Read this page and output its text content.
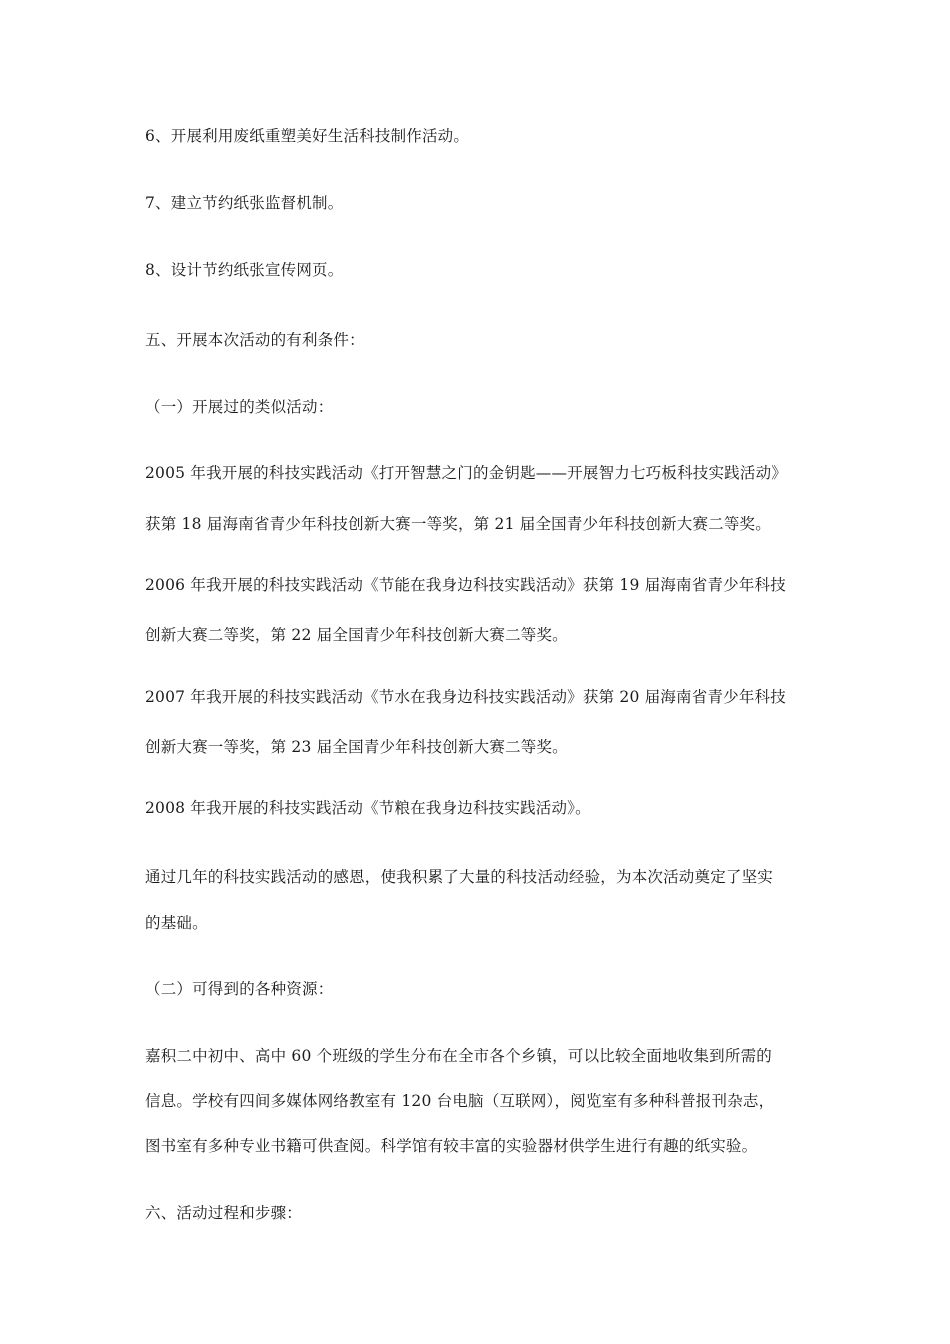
6、开展利用废纸重塑美好生活科技制作活动。
7、建立节约纸张监督机制。
8、设计节约纸张宣传网页。
五、开展本次活动的有利条件：
（一）开展过的类似活动：
2005 年我开展的科技实践活动《打开智慧之门的金钥匙——开展智力七巧板科技实践活动》
获第 18 届海南省青少年科技创新大赛一等奖，第 21 届全国青少年科技创新大赛二等奖。
2006 年我开展的科技实践活动《节能在我身边科技实践活动》获第 19 届海南省青少年科技
创新大赛二等奖，第 22 届全国青少年科技创新大赛二等奖。
2007 年我开展的科技实践活动《节水在我身边科技实践活动》获第 20 届海南省青少年科技
创新大赛一等奖，第 23 届全国青少年科技创新大赛二等奖。
2008 年我开展的科技实践活动《节粮在我身边科技实践活动》。
通过几年的科技实践活动的感恩，使我积累了大量的科技活动经验，为本次活动奠定了坚实
的基础。
（二）可得到的各种资源：
嘉积二中初中、高中 60 个班级的学生分布在全市各个乡镇，可以比较全面地收集到所需的
信息。学校有四间多媒体网络教室有 120 台电脑（互联网），阅览室有多种科普报刊杂志，
图书室有多种专业书籍可供查阅。科学馆有较丰富的实验器材供学生进行有趣的纸实验。
六、活动过程和步骤：
